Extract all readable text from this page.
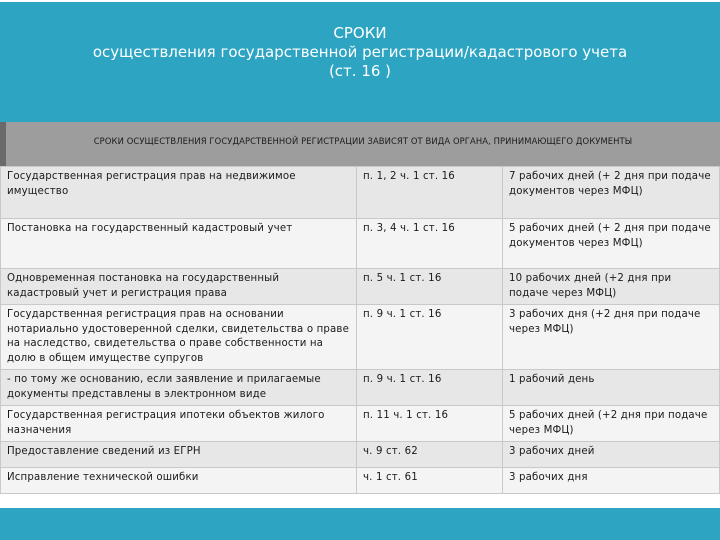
СРОКИ
осуществления государственной регистрации/кадастрового учета
(ст. 16 )
СРОКИ ОСУЩЕСТВЛЕНИЯ ГОСУДАРСТВЕННОЙ РЕГИСТРАЦИИ ЗАВИСЯТ ОТ ВИДА ОРГАНА, ПРИНИМАЮЩЕГО ДОКУМЕНТЫ
Государственная регистрация прав на недвижимое имущество	п. 1, 2 ч. 1 ст. 16	7 рабочих дней (+ 2 дня при подаче документов через МФЦ)
Постановка на государственный кадастровый учет	п. 3, 4 ч. 1 ст. 16	5 рабочих дней (+ 2 дня при подаче документов через МФЦ)
Одновременная постановка на государственный кадастровый учет и регистрация права	п. 5 ч. 1 ст. 16	10 рабочих дней (+2 дня при подаче через МФЦ)
Государственная регистрация прав на основании нотариально удостоверенной сделки, свидетельства о праве на наследство, свидетельства о праве собственности на долю в общем имуществе супругов	п. 9 ч. 1 ст. 16	3 рабочих дня (+2 дня при подаче через МФЦ)
- по тому же основанию, если заявление и прилагаемые документы представлены в электронном виде	п. 9 ч. 1 ст. 16	1 рабочий день
Государственная регистрация ипотеки объектов жилого назначения	п. 11 ч. 1 ст. 16	5 рабочих дней (+2 дня при подаче через МФЦ)
Предоставление сведений из ЕГРН	ч. 9 ст. 62	3 рабочих дней
Исправление технической ошибки	ч. 1 ст. 61	3 рабочих дня
